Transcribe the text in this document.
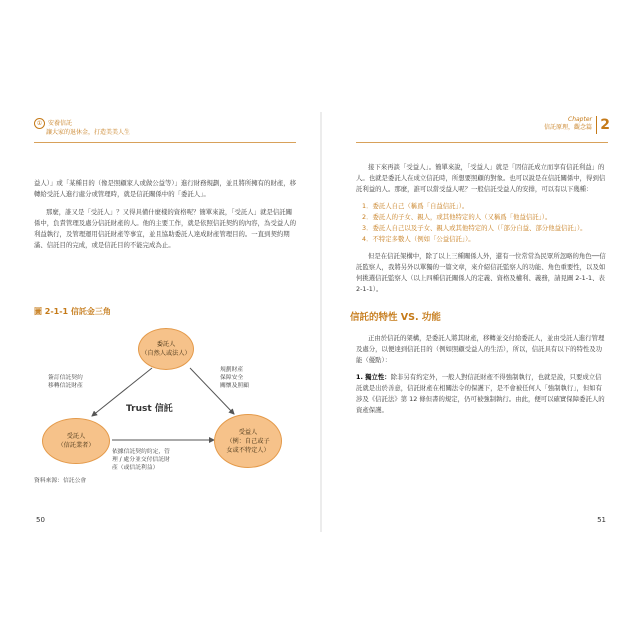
① 安養信託
讓大家的退休金，打造美美人生
Chapter
信託原理，觀念篇 2

益人）」或「某種目的（像是照顧家人或做公益等）」進行財務規劃，並且將所擁有的財產，移轉給受託人進行處分或管理時，就是信託關係中的「委託人」。

那麼，誰又是「受託人」？又得具備什麼樣的資格呢？簡單來說，「受託人」就是信託關係中，負責管理及處分信託財產的人。他的主要工作，就是依照信託契約的內容，為受益人的利益執行，及管理運用信託財產等事宜，並且協助委託人達成財產管理目的。一直到契約期滿、信託目的完成，或是信託目的不能完成為止。

圖 2-1-1 信託金三角
委託人
（自然人或法人）
受託人
（信託業者）
受益人
（例：自己或子
女或不特定人）
Trust 信託
簽訂信託契約
移轉信託財產
規劃財產
保障安全
關懷及照顧
依據信託契約約定，管
理 / 處分並交付信託財
產（或信託利益）
資料來源：信託公會
50

接下來再談「受益人」。簡單來說，「受益人」就是「因信託成立而享有信託利益」的人。也就是委託人在成立信託時，所想要照顧的對象。也可以說是在信託關係中，得到信託利益的人。那麼，誰可以當受益人呢？一般信託受益人的安排，可以有以下幾種：

1．委託人自己（稱爲「自益信託」）。
2．委託人的子女、親人，或其他特定的人（又稱爲「他益信託」）。
3．委託人自己以及子女、親人或其他特定的人（「部分自益、部分他益信託」）。
4．不特定多數人（例如「公益信託」）。

但是在信託架構中，除了以上三種關係人外，還有一位常常為民眾所忽略的角色──信託監察人，我將另外以單獨的一篇文章，來介紹信託監察人的功能、角色重要性，以及如何挑選信託監察人（以上四種信託關係人的定義、資格及權利、義務，請見圖 2-1-1、表 2-1-1）。

信託的特性 VS. 功能

正由於信託的架構，是委託人將其財產，移轉並交付給委託人，並由受託人進行管理及處分，以便達到信託目的（例如照顧受益人的生活），所以，信託具有以下的特性及功能（優點）：

1. 獨立性：除非另有約定外，一般人對信託財產不得強制執行，也就是說，只要成立信託就是出於善意，信託財產在相關法令的保護下，是不會被任何人「強制執行」，但如有涉及《信託法》第 12 條但書的規定，仍可被強制執行。由此，便可以確實保障委託人的資產保護。

51
